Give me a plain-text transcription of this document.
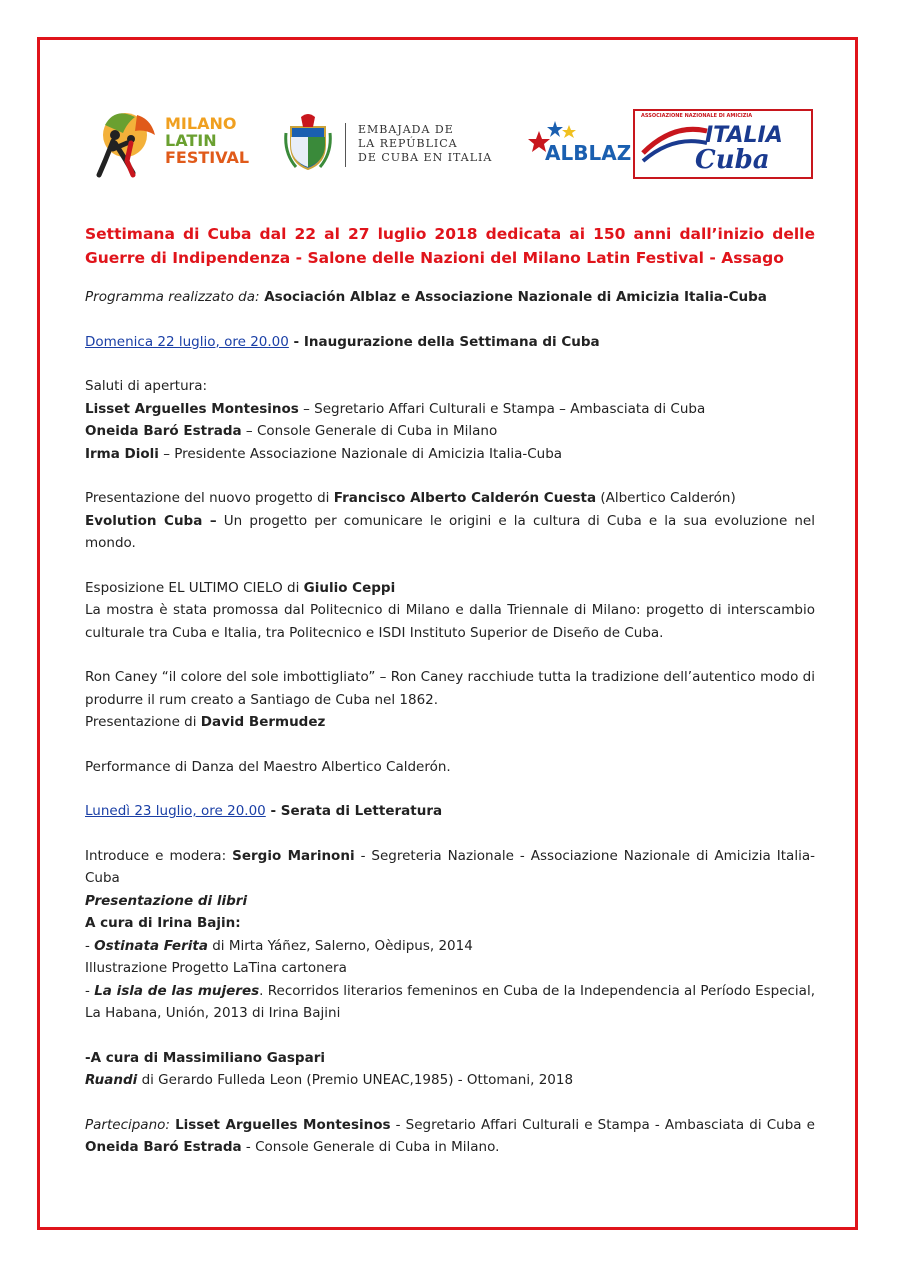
MILANO
LATIN
FESTIVAL
EMBAJADA DE
LA REPÚBLICA
DE CUBA EN ITALIA	ALBLAZ
ASSOCIAZIONE NAZIONALE DI AMICIZIA
ITALIA
Cuba

Settimana di Cuba dal 22 al 27 luglio 2018 dedicata ai 150 anni dall’inizio delle Guerre di Indipendenza - Salone delle Nazioni del Milano Latin Festival - Assago

Programma realizzato da: Asociación Alblaz e Associazione Nazionale di Amicizia Italia-Cuba

Domenica 22 luglio, ore 20.00 - Inaugurazione della Settimana di Cuba

Saluti di apertura:

Lisset Arguelles Montesinos – Segretario Affari Culturali e Stampa – Ambasciata di Cuba

Oneida Baró Estrada – Console Generale di Cuba in Milano

Irma Dioli – Presidente Associazione Nazionale di Amicizia Italia-Cuba

Presentazione del nuovo progetto di Francisco Alberto Calderón Cuesta (Albertico Calderón)

Evolution Cuba – Un progetto per comunicare le origini e la cultura di Cuba e la sua evoluzione nel mondo.

Esposizione EL ULTIMO CIELO di Giulio Ceppi

La mostra è stata promossa dal Politecnico di Milano e dalla Triennale di Milano: progetto di interscambio culturale tra Cuba e Italia, tra Politecnico e ISDI Instituto Superior de Diseño de Cuba.

Ron Caney “il colore del sole imbottigliato” – Ron Caney racchiude tutta la tradizione dell’autentico modo di produrre il rum creato a Santiago de Cuba nel 1862.

Presentazione di David Bermudez

Performance di Danza del Maestro Albertico Calderón.

Lunedì 23 luglio, ore 20.00 - Serata di Letteratura

Introduce e modera: Sergio Marinoni - Segreteria Nazionale - Associazione Nazionale di Amicizia Italia-Cuba

Presentazione di libri

A cura di Irina Bajin:

- Ostinata Ferita di Mirta Yáñez, Salerno, Oèdipus, 2014

Illustrazione Progetto LaTina cartonera

- La isla de las mujeres. Recorridos literarios femeninos en Cuba de la Independencia al Período Especial, La Habana, Unión, 2013 di Irina Bajini

-A cura di Massimiliano Gaspari

Ruandi di Gerardo Fulleda Leon (Premio UNEAC,1985) - Ottomani, 2018

Partecipano: Lisset Arguelles Montesinos - Segretario Affari Culturali e Stampa - Ambasciata di Cuba e Oneida Baró Estrada - Console Generale di Cuba in Milano.
